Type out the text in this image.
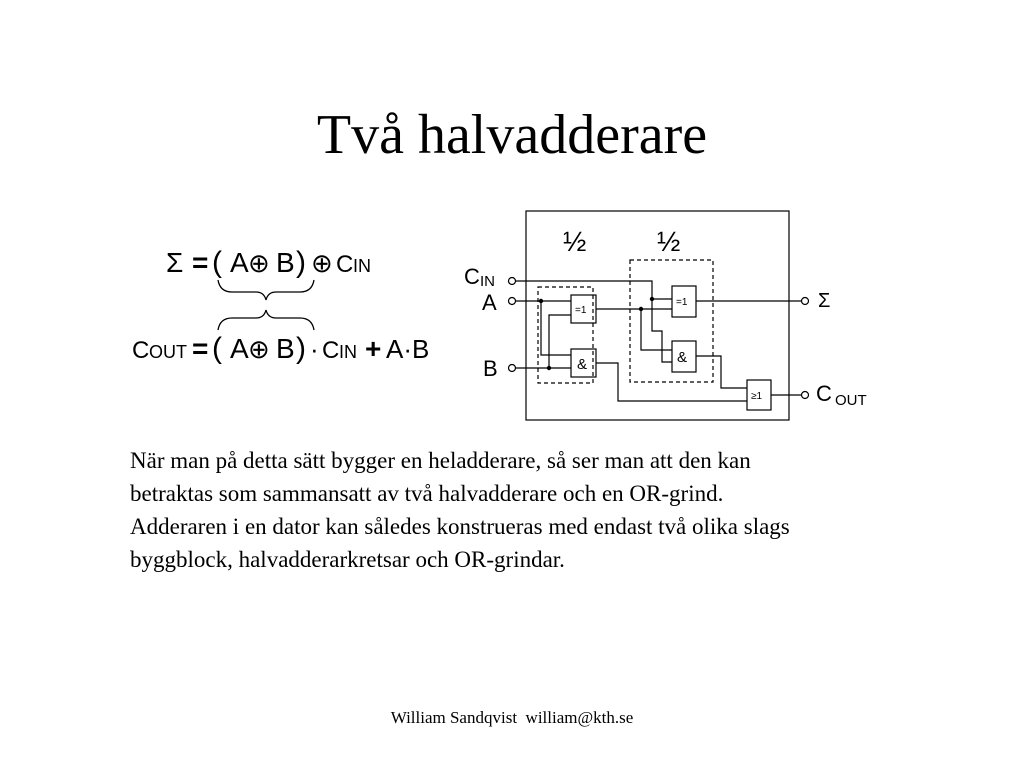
Två halvadderare
Σ = ( A ⊕ B ) ⊕ C IN
C OUT = ( A ⊕ B ) · C IN + A·B
½	½
C IN
A
B
Σ
C OUT
=1
&
=1
&
≥1
När man på detta sätt bygger en heladderare, så ser man att den kan
betraktas som sammansatt av två halvadderare och en OR-grind.
Adderaren i en dator kan således konstrueras med endast två olika slags
byggblock, halvadderarkretsar och OR-grindar.
William Sandqvist  william@kth.se
